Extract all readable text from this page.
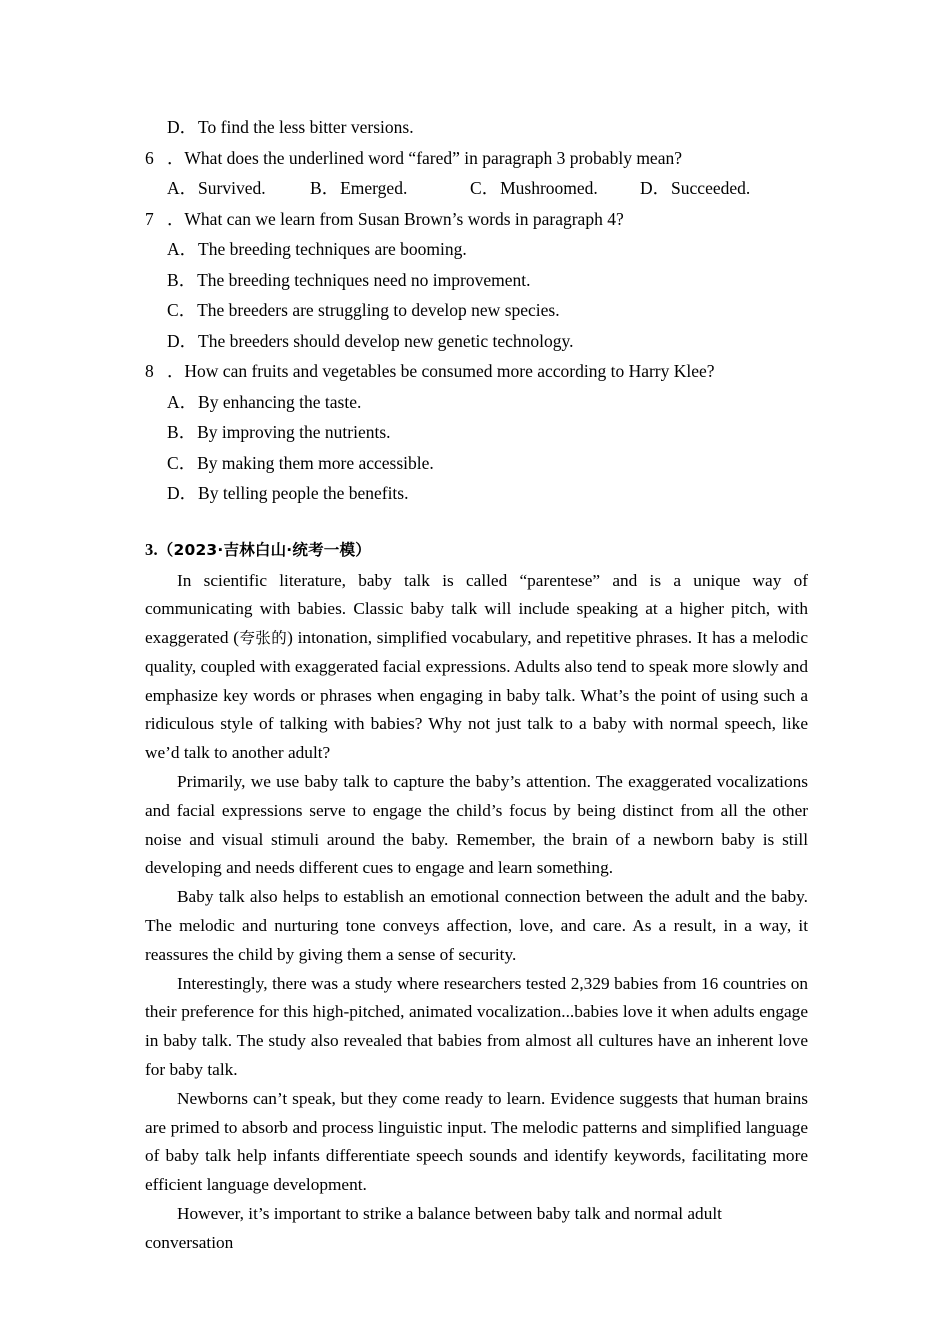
D． To find the less bitter versions.
6 ． What does the underlined word “fared” in paragraph 3 probably mean?
A． Survived.	B． Emerged.	C． Mushroomed. D． Succeeded.
7 ． What can we learn from Susan Brown’s words in paragraph 4?
A． The breeding techniques are booming.
B． The breeding techniques need no improvement.
C． The breeders are struggling to develop new species.
D． The breeders should develop new genetic technology.
8 ． How can fruits and vegetables be consumed more according to Harry Klee?
A． By enhancing the taste.
B． By improving the nutrients.
C． By making them more accessible.
D． By telling people the benefits.
3.（2023·吉林白山·统考一模）

In scientific literature, baby talk is called “parentese” and is a unique way of communicating with babies. Classic baby talk will include speaking at a higher pitch, with exaggerated (夸张的) intonation, simplified vocabulary, and repetitive phrases. It has a melodic quality, coupled with exaggerated facial expressions. Adults also tend to speak more slowly and emphasize key words or phrases when engaging in baby talk. What’s the point of using such a ridiculous style of talking with babies? Why not just talk to a baby with normal speech, like we’d talk to another adult?

Primarily, we use baby talk to capture the baby’s attention. The exaggerated vocalizations and facial expressions serve to engage the child’s focus by being distinct from all the other noise and visual stimuli around the baby. Remember, the brain of a newborn baby is still developing and needs different cues to engage and learn something.

Baby talk also helps to establish an emotional connection between the adult and the baby. The melodic and nurturing tone conveys affection, love, and care. As a result, in a way, it reassures the child by giving them a sense of security.

Interestingly, there was a study where researchers tested 2,329 babies from 16 countries on their preference for this high-pitched, animated vocalization...babies love it when adults engage in baby talk. The study also revealed that babies from almost all cultures have an inherent love for baby talk.

Newborns can’t speak, but they come ready to learn. Evidence suggests that human brains are primed to absorb and process linguistic input. The melodic patterns and simplified language of baby talk help infants differentiate speech sounds and identify keywords, facilitating more efficient language development.

However, it’s important to strike a balance between baby talk and normal adult conversation
